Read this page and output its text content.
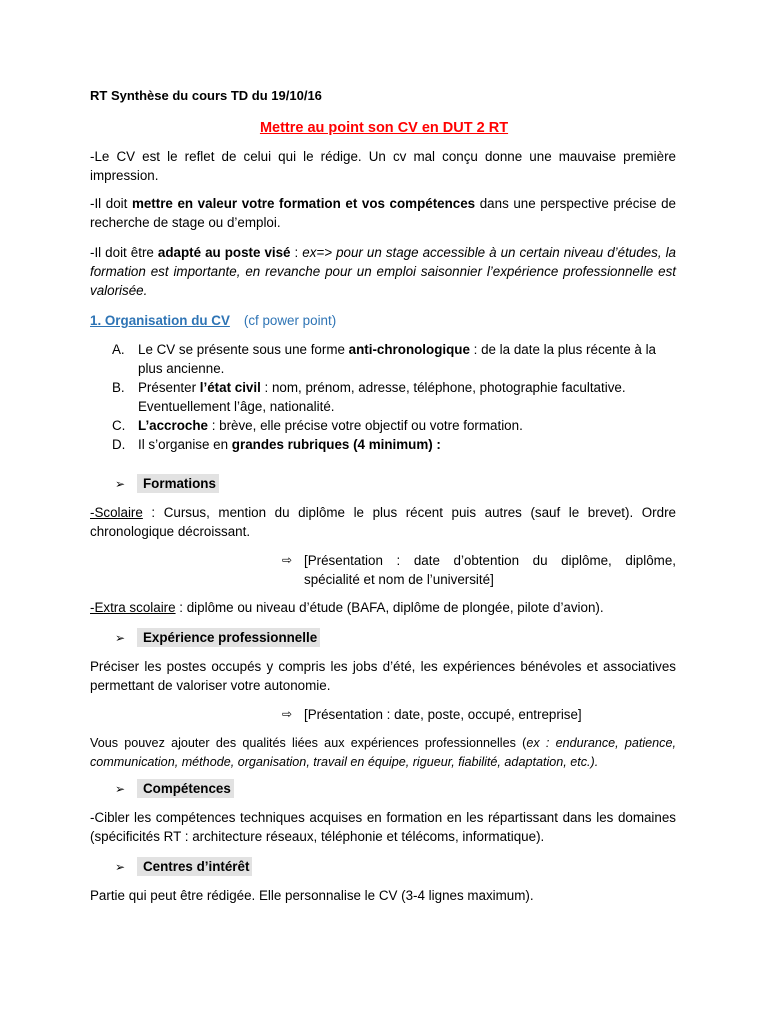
RT Synthèse du cours TD du 19/10/16

Mettre au point son CV en DUT 2 RT

-Le CV est le reflet de celui qui le rédige. Un cv mal conçu donne une mauvaise première impression.

-Il doit mettre en valeur votre formation et vos compétences dans une perspective précise de recherche de stage ou d’emploi.

-Il doit être adapté au poste visé : ex=> pour un stage accessible à un certain niveau d’études, la formation est importante, en revanche pour un emploi saisonnier l’expérience professionnelle est valorisée.

1. Organisation du CV (cf power point)

A. Le CV se présente sous une forme anti-chronologique : de la date la plus récente à la plus ancienne.
B. Présenter l’état civil : nom, prénom, adresse, téléphone, photographie facultative. Eventuellement l’âge, nationalité.
C. L’accroche : brève, elle précise votre objectif ou votre formation.
D. Il s’organise en grandes rubriques (4 minimum) :
➢ Formations

-Scolaire : Cursus, mention du diplôme le plus récent puis autres (sauf le brevet). Ordre chronologique décroissant.

⇨ [Présentation : date d’obtention du diplôme, diplôme, spécialité et nom de l’université]

-Extra scolaire : diplôme ou niveau d’étude (BAFA, diplôme de plongée, pilote d’avion).

➢ Expérience professionnelle

Préciser les postes occupés y compris les jobs d’été, les expériences bénévoles et associatives permettant de valoriser votre autonomie.

⇨ [Présentation : date, poste, occupé, entreprise]

Vous pouvez ajouter des qualités liées aux expériences professionnelles (ex : endurance, patience, communication, méthode, organisation, travail en équipe, rigueur, fiabilité, adaptation, etc.).

➢ Compétences

-Cibler les compétences techniques acquises en formation en les répartissant dans les domaines (spécificités RT : architecture réseaux, téléphonie et télécoms, informatique).

➢ Centres d’intérêt

Partie qui peut être rédigée. Elle personnalise le CV (3-4 lignes maximum).
